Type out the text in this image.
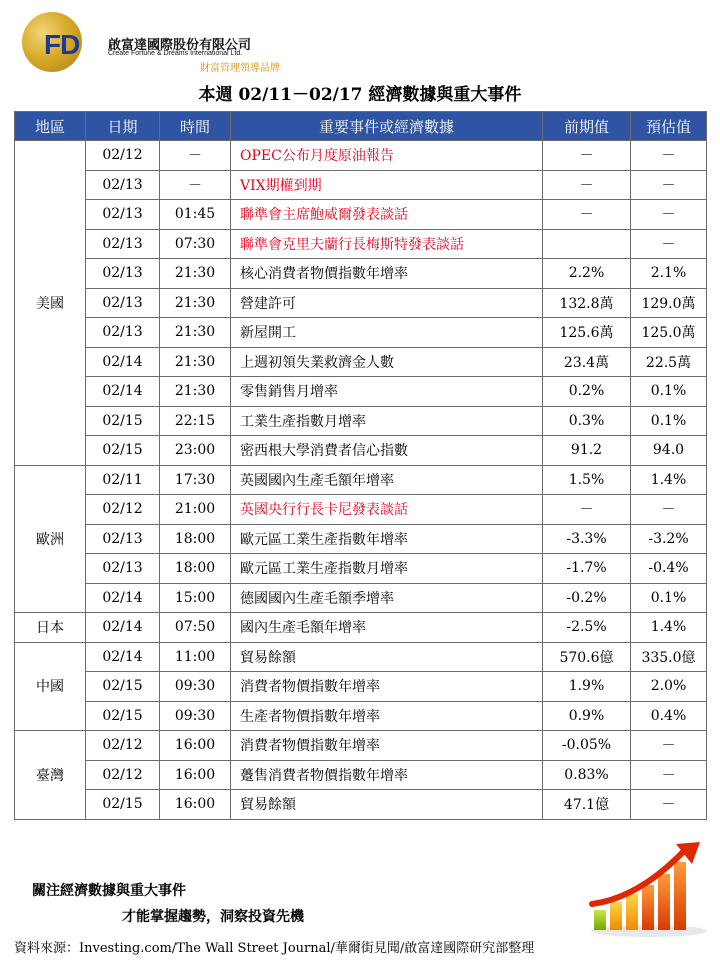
FD 啟富達國際股份有限公司
Create Fortune & Dreams International Ltd.
財富管理領導品牌
本週 02/11－02/17 經濟數據與重大事件
地區	日期	時間	重要事件或經濟數據	前期值	預估值
美國	02/12	－	OPEC公布月度原油報告	－	－
	02/13	－	VIX期權到期	－	－
	02/13	01:45	聯準會主席鮑威爾發表談話	－	－
	02/13	07:30	聯準會克里夫蘭行長梅斯特發表談話		－
	02/13	21:30	核心消費者物價指數年增率	2.2%	2.1%
	02/13	21:30	營建許可	132.8萬	129.0萬
	02/13	21:30	新屋開工	125.6萬	125.0萬
	02/14	21:30	上週初領失業救濟金人數	23.4萬	22.5萬
	02/14	21:30	零售銷售月增率	0.2%	0.1%
	02/15	22:15	工業生產指數月增率	0.3%	0.1%
	02/15	23:00	密西根大學消費者信心指數	91.2	94.0
歐洲	02/11	17:30	英國國內生產毛額年增率	1.5%	1.4%
	02/12	21:00	英國央行行長卡尼發表談話	－	－
	02/13	18:00	歐元區工業生產指數年增率	-3.3%	-3.2%
	02/13	18:00	歐元區工業生產指數月增率	-1.7%	-0.4%
	02/14	15:00	德國國內生產毛額季增率	-0.2%	0.1%
日本	02/14	07:50	國內生產毛額年增率	-2.5%	1.4%
中國	02/14	11:00	貿易餘額	570.6億	335.0億
	02/15	09:30	消費者物價指數年增率	1.9%	2.0%
	02/15	09:30	生產者物價指數年增率	0.9%	0.4%
臺灣	02/12	16:00	消費者物價指數年增率	-0.05%	－
	02/12	16:00	躉售消費者物價指數年增率	0.83%	－
	02/15	16:00	貿易餘額	47.1億	－
關注經濟數據與重大事件
才能掌握趨勢，洞察投資先機
資料來源：Investing.com/The Wall Street Journal/華爾街見聞/啟富達國際研究部整理
